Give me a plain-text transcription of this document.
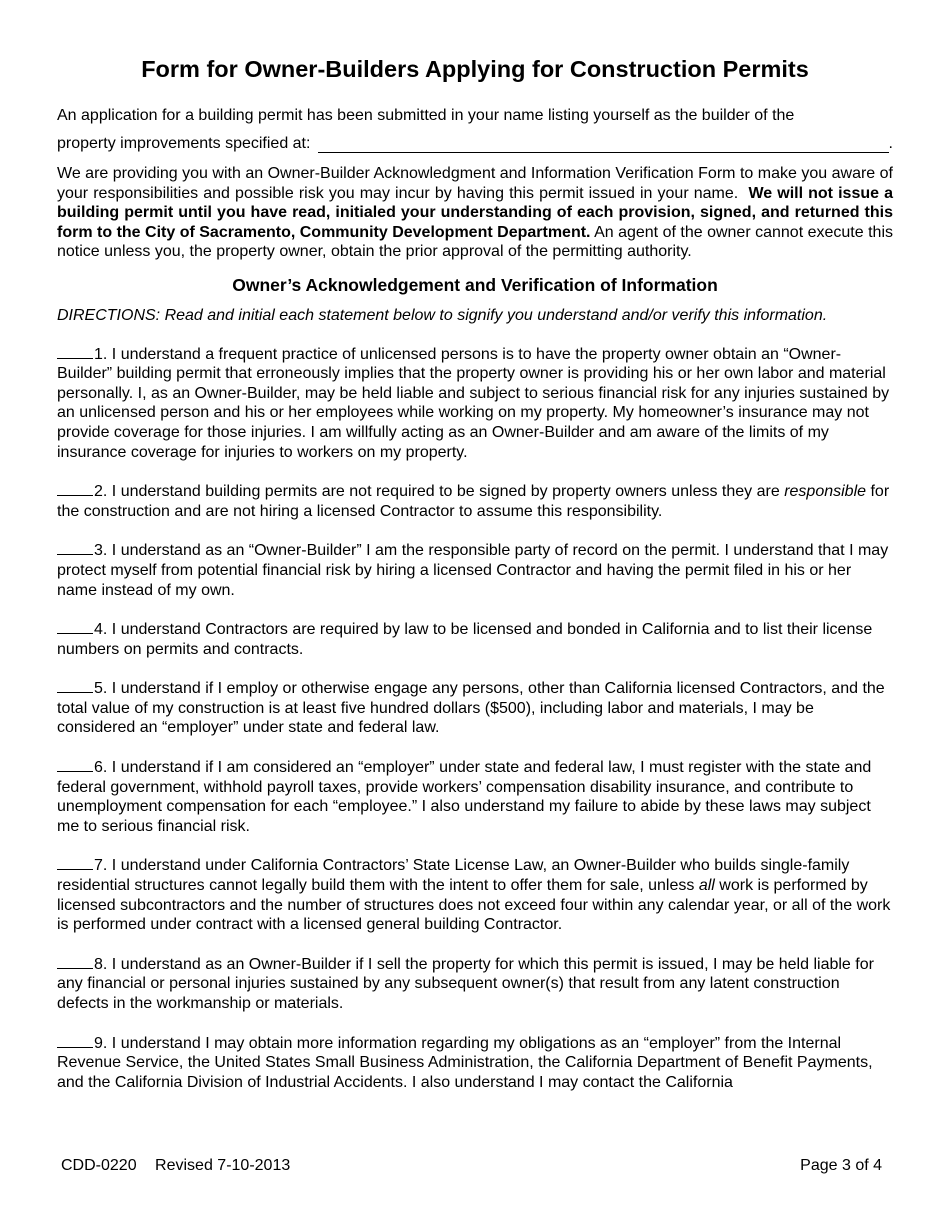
Form for Owner-Builders Applying for Construction Permits

An application for a building permit has been submitted in your name listing yourself as the builder of the

property improvements specified at:	.

We are providing you with an Owner-Builder Acknowledgment and Information Verification Form to make you aware of your responsibilities and possible risk you may incur by having this permit issued in your name. We will not issue a building permit until you have read, initialed your understanding of each provision, signed, and returned this form to the City of Sacramento, Community Development Department. An agent of the owner cannot execute this notice unless you, the property owner, obtain the prior approval of the permitting authority.

Owner’s Acknowledgement and Verification of Information

DIRECTIONS: Read and initial each statement below to signify you understand and/or verify this information.

1. I understand a frequent practice of unlicensed persons is to have the property owner obtain an “Owner-Builder” building permit that erroneously implies that the property owner is providing his or her own labor and material personally. I, as an Owner-Builder, may be held liable and subject to serious financial risk for any injuries sustained by an unlicensed person and his or her employees while working on my property. My homeowner’s insurance may not provide coverage for those injuries. I am willfully acting as an Owner-Builder and am aware of the limits of my insurance coverage for injuries to workers on my property.

2. I understand building permits are not required to be signed by property owners unless they are responsible for the construction and are not hiring a licensed Contractor to assume this responsibility.

3. I understand as an “Owner-Builder” I am the responsible party of record on the permit. I understand that I may protect myself from potential financial risk by hiring a licensed Contractor and having the permit filed in his or her name instead of my own.

4. I understand Contractors are required by law to be licensed and bonded in California and to list their license numbers on permits and contracts.

5. I understand if I employ or otherwise engage any persons, other than California licensed Contractors, and the total value of my construction is at least five hundred dollars ($500), including labor and materials, I may be considered an “employer” under state and federal law.

6. I understand if I am considered an “employer” under state and federal law, I must register with the state and federal government, withhold payroll taxes, provide workers’ compensation disability insurance, and contribute to unemployment compensation for each “employee.” I also understand my failure to abide by these laws may subject me to serious financial risk.

7. I understand under California Contractors’ State License Law, an Owner-Builder who builds single-family residential structures cannot legally build them with the intent to offer them for sale, unless all work is performed by licensed subcontractors and the number of structures does not exceed four within any calendar year, or all of the work is performed under contract with a licensed general building Contractor.

8. I understand as an Owner-Builder if I sell the property for which this permit is issued, I may be held liable for any financial or personal injuries sustained by any subsequent owner(s) that result from any latent construction defects in the workmanship or materials.

9. I understand I may obtain more information regarding my obligations as an “employer” from the Internal Revenue Service, the United States Small Business Administration, the California Department of Benefit Payments, and the California Division of Industrial Accidents. I also understand I may contact the California

CDD-0220 Revised 7-10-2013	Page 3 of 4
